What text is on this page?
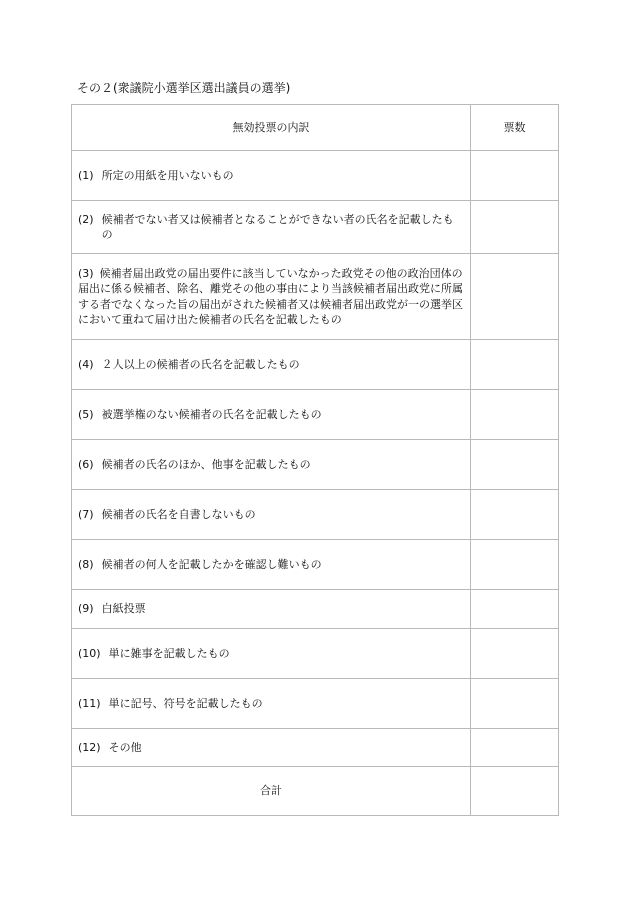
その２(衆議院小選挙区選出議員の選挙)
無効投票の内訳	票数

(1) 所定の用紙を用いないもの	

(2) 候補者でない者又は候補者となることができない者の氏名を記載したもの	

(3) 候補者届出政党の届出要件に該当していなかった政党その他の政治団体の届出に係る候補者、除名、離党その他の事由により当該候補者届出政党に所属する者でなくなった旨の届出がされた候補者又は候補者届出政党が一の選挙区において重ねて届け出た候補者の氏名を記載したもの	

(4) ２人以上の候補者の氏名を記載したもの	

(5) 被選挙権のない候補者の氏名を記載したもの	

(6) 候補者の氏名のほか、他事を記載したもの	

(7) 候補者の氏名を自書しないもの	

(8) 候補者の何人を記載したかを確認し難いもの	

(9) 白紙投票	

(10) 単に雑事を記載したもの	

(11) 単に記号、符号を記載したもの	

(12) その他	

合計	
